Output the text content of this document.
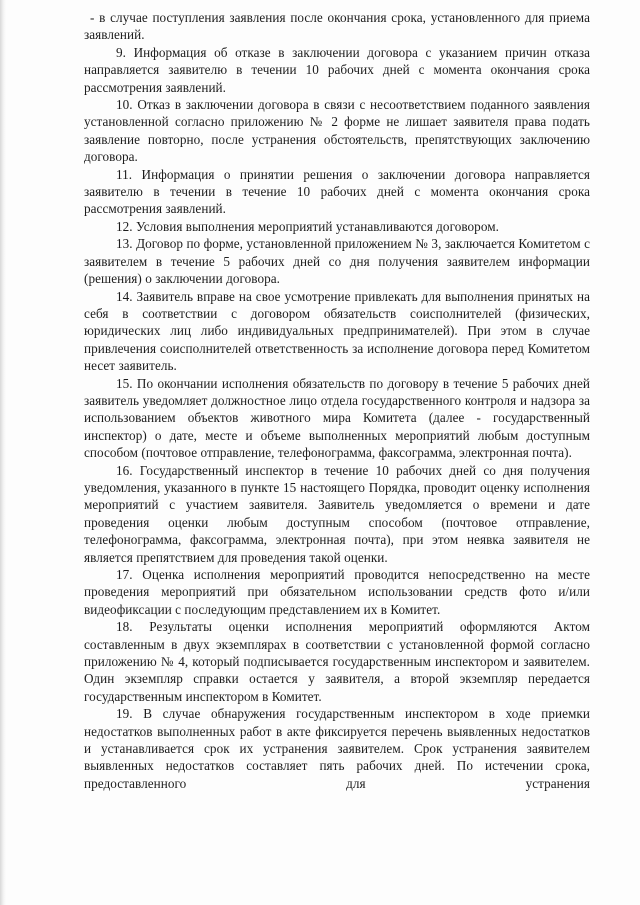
- в случае поступления заявления после окончания срока, установленного для приема заявлений.

9. Информация об отказе в заключении договора с указанием причин отказа направляется заявителю в течении 10 рабочих дней с момента окончания срока рассмотрения заявлений.

10. Отказ в заключении договора в связи с несоответствием поданного заявления установленной согласно приложению № 2 форме не лишает заявителя права подать заявление повторно, после устранения обстоятельств, препятствующих заключению договора.

11. Информация о принятии решения о заключении договора направляется заявителю в течении в течение 10 рабочих дней с момента окончания срока рассмотрения заявлений.

12. Условия выполнения мероприятий устанавливаются договором.

13. Договор по форме, установленной приложением № 3, заключается Комитетом с заявителем в течение 5 рабочих дней со дня получения заявителем информации (решения) о заключении договора.

14. Заявитель вправе на свое усмотрение привлекать для выполнения принятых на себя в соответствии с договором обязательств соисполнителей (физических, юридических лиц либо индивидуальных предпринимателей). При этом в случае привлечения соисполнителей ответственность за исполнение договора перед Комитетом несет заявитель.

15. По окончании исполнения обязательств по договору в течение 5 рабочих дней заявитель уведомляет должностное лицо отдела государственного контроля и надзора за использованием объектов животного мира Комитета (далее - государственный инспектор) о дате, месте и объеме выполненных мероприятий любым доступным способом (почтовое отправление, телефонограмма, факсограмма, электронная почта).

16. Государственный инспектор в течение 10 рабочих дней со дня получения уведомления, указанного в пункте 15 настоящего Порядка, проводит оценку исполнения мероприятий с участием заявителя. Заявитель уведомляется о времени и дате проведения оценки любым доступным способом (почтовое отправление, телефонограмма, факсограмма, электронная почта), при этом неявка заявителя не является препятствием для проведения такой оценки.

17. Оценка исполнения мероприятий проводится непосредственно на месте проведения мероприятий при обязательном использовании средств фото и/или видеофиксации с последующим представлением их в Комитет.

18. Результаты оценки исполнения мероприятий оформляются Актом составленным в двух экземплярах в соответствии с установленной формой согласно приложению № 4, который подписывается государственным инспектором и заявителем. Один экземпляр справки остается у заявителя, а второй экземпляр передается государственным инспектором в Комитет.

19. В случае обнаружения государственным инспектором в ходе приемки недостатков выполненных работ в акте фиксируется перечень выявленных недостатков и устанавливается срок их устранения заявителем. Срок устранения заявителем выявленных недостатков составляет пять рабочих дней. По истечении срока, предоставленного для устранения
